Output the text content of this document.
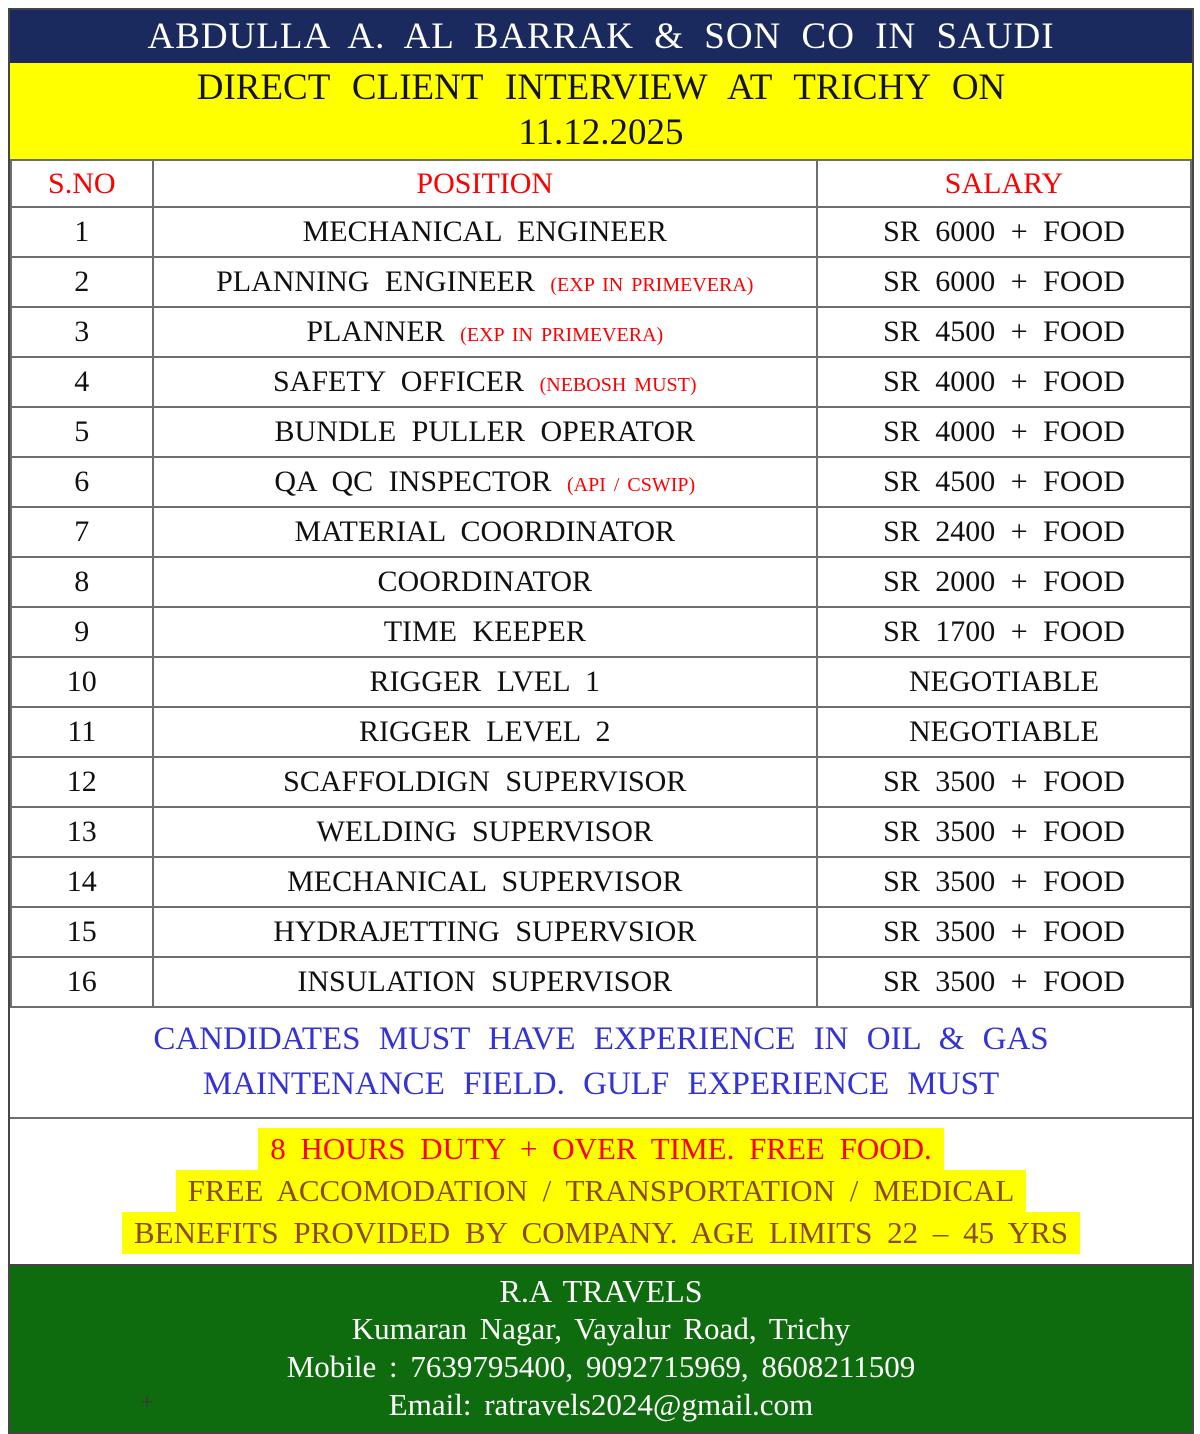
ABDULLA A. AL BARRAK & SON CO IN SAUDI
DIRECT CLIENT INTERVIEW AT TRICHY ON
11.12.2025
S.NO	POSITION	SALARY
1	MECHANICAL ENGINEER	SR 6000 + FOOD
2	PLANNING ENGINEER (EXP IN PRIMEVERA)	SR 6000 + FOOD
3	PLANNER (EXP IN PRIMEVERA)	SR 4500 + FOOD
4	SAFETY OFFICER (NEBOSH MUST)	SR 4000 + FOOD
5	BUNDLE PULLER OPERATOR	SR 4000 + FOOD
6	QA QC INSPECTOR (API / CSWIP)	SR 4500 + FOOD
7	MATERIAL COORDINATOR	SR 2400 + FOOD
8	COORDINATOR	SR 2000 + FOOD
9	TIME KEEPER	SR 1700 + FOOD
10	RIGGER LVEL 1	NEGOTIABLE
11	RIGGER LEVEL 2	NEGOTIABLE
12	SCAFFOLDIGN SUPERVISOR	SR 3500 + FOOD
13	WELDING SUPERVISOR	SR 3500 + FOOD
14	MECHANICAL SUPERVISOR	SR 3500 + FOOD
15	HYDRAJETTING SUPERVSIOR	SR 3500 + FOOD
16	INSULATION SUPERVISOR	SR 3500 + FOOD
CANDIDATES MUST HAVE EXPERIENCE IN OIL & GAS
MAINTENANCE FIELD. GULF EXPERIENCE MUST
8 HOURS DUTY + OVER TIME. FREE FOOD.
FREE ACCOMODATION / TRANSPORTATION / MEDICAL
BENEFITS PROVIDED BY COMPANY. AGE LIMITS 22 – 45 YRS
R.A TRAVELS
Kumaran Nagar, Vayalur Road, Trichy
Mobile : 7639795400, 9092715969, 8608211509
Email: ratravels2024@gmail.com
+
